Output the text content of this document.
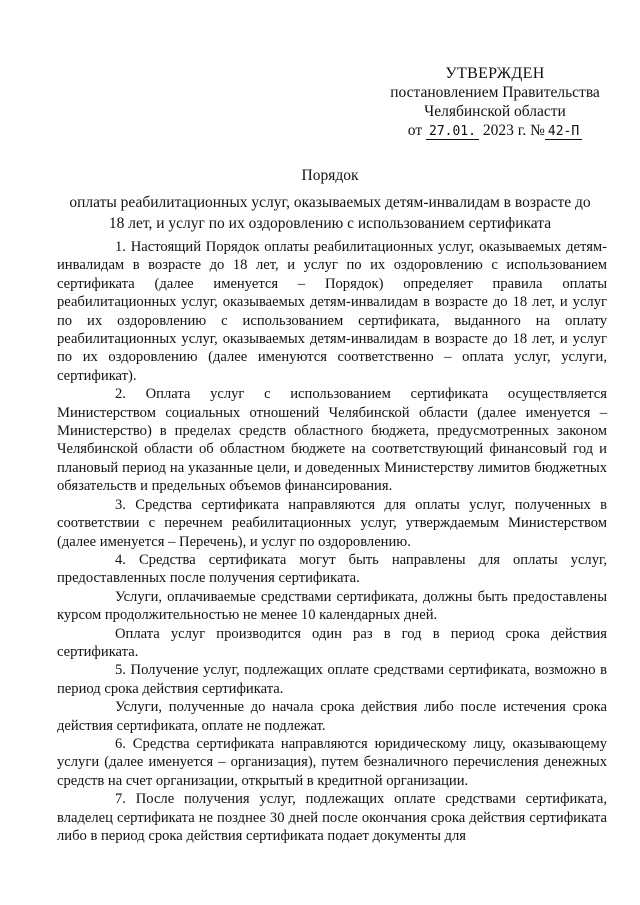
УТВЕРЖДЕН
постановлением Правительства
Челябинской области
от 27.01. 2023 г. № 42-П
Порядок
оплаты реабилитационных услуг, оказываемых детям-инвалидам в возрасте до 18 лет, и услуг по их оздоровлению с использованием сертификата

1. Настоящий Порядок оплаты реабилитационных услуг, оказываемых детям-инвалидам в возрасте до 18 лет, и услуг по их оздоровлению с использованием сертификата (далее именуется – Порядок) определяет правила оплаты реабилитационных услуг, оказываемых детям-инвалидам в возрасте до 18 лет, и услуг по их оздоровлению с использованием сертификата, выданного на оплату реабилитационных услуг, оказываемых детям-инвалидам в возрасте до 18 лет, и услуг по их оздоровлению (далее именуются соответственно – оплата услуг, услуги, сертификат).

2. Оплата услуг с использованием сертификата осуществляется Министерством социальных отношений Челябинской области (далее именуется – Министерство) в пределах средств областного бюджета, предусмотренных законом Челябинской области об областном бюджете на соответствующий финансовый год и плановый период на указанные цели, и доведенных Министерству лимитов бюджетных обязательств и предельных объемов финансирования.

3. Средства сертификата направляются для оплаты услуг, полученных в соответствии с перечнем реабилитационных услуг, утверждаемым Министерством (далее именуется – Перечень), и услуг по оздоровлению.

4. Средства сертификата могут быть направлены для оплаты услуг, предоставленных после получения сертификата.

Услуги, оплачиваемые средствами сертификата, должны быть предоставлены курсом продолжительностью не менее 10 календарных дней.

Оплата услуг производится один раз в год в период срока действия сертификата.

5. Получение услуг, подлежащих оплате средствами сертификата, возможно в период срока действия сертификата.

Услуги, полученные до начала срока действия либо после истечения срока действия сертификата, оплате не подлежат.

6. Средства сертификата направляются юридическому лицу, оказывающему услуги (далее именуется – организация), путем безналичного перечисления денежных средств на счет организации, открытый в кредитной организации.

7. После получения услуг, подлежащих оплате средствами сертификата, владелец сертификата не позднее 30 дней после окончания срока действия сертификата либо в период срока действия сертификата подает документы для
